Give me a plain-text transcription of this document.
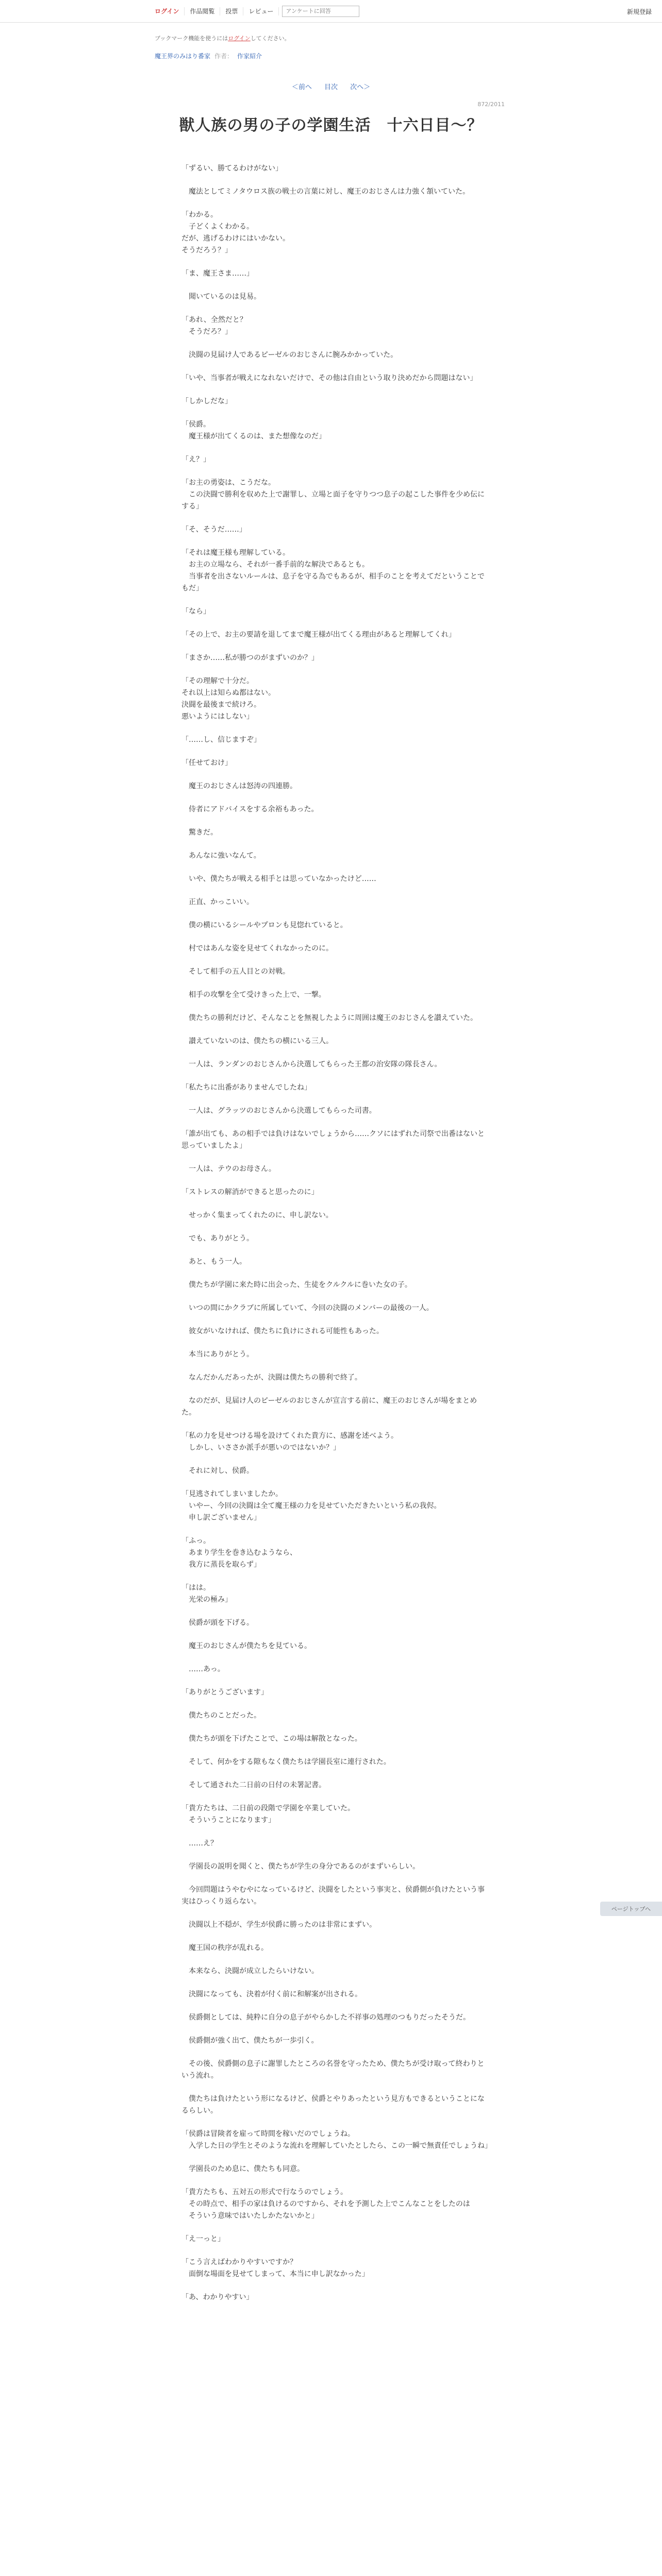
ログイン	作品閲覧	投票	レビュー
アンケートに回答	新規登録
ブックマーク機能を使うにはログインしてください。
魔王界のみはり番家 作者： 作家紹介
＜前へ 目次 次へ＞
872/2011
獣人族の男の子の学園生活　十六日目〜？

「ずるい、勝てるわけがない」

　魔法としてミノタウロス族の戦士の言葉に対し、魔王のおじさんは力強く頷いていた。

「わかる。
　子どくよくわかる。
だが、逃げるわけにはいかない。
そうだろう？」

「ま、魔王さま……」

　聞いているのは見易。

「あれ、全然だと？
　そうだろ？」

　決闘の見届け人であるピーゼルのおじさんに腕みかかっていた。

「いや、当事者が戦えになれないだけで、その他は自由という取り決めだから問題はない」

「しかしだな」

「侯爵。
　魔王様が出てくるのは、また想像なのだ」

「え？」

「お主の勇姿は、こうだな。
　この決闘で勝利を収めた上で謝罪し、立場と面子を守りつつ息子の起こした事件を少め伝にする」

「そ、そうだ……」

「それは魔王様も理解している。
　お主の立場なら、それが一番手前的な解決であるとも。
　当事者を出さないルールは、息子を守る為でもあるが、相手のことを考えてだということでもだ」

「なら」

「その上で、お主の要請を退してまで魔王様が出てくる理由があると理解してくれ」

「まさか……私が勝つのがまずいのか？」

「その理解で十分だ。
それ以上は知らぬ都はない。
決闘を最後まで続けろ。
悪いようにはしない」

「……し、信じますぞ」

「任せておけ」

　魔王のおじさんは怒涛の四連勝。

　侍者にアドバイスをする余裕もあった。

　驚きだ。

　あんなに強いなんて。

　いや、僕たちが戦える相手とは思っていなかったけど……

　正直、かっこいい。

　僕の横にいるシールやプロンも見惚れていると。

　村ではあんな姿を見せてくれなかったのに。

　そして相手の五人目との対戦。

　相手の攻撃を全て受けきった上で、一撃。

　僕たちの勝利だけど、そんなことを無視したように周囲は魔王のおじさんを讃えていた。

　讃えていないのは、僕たちの横にいる三人。

　一人は、ランダンのおじさんから決選してもらった王都の治安隊の隊長さん。

「私たちに出番がありませんでしたね」

　一人は、グラッツのおじさんから決選してもらった司書。

「誰が出ても、あの相手では負けはないでしょうから……クソにはずれた司祭で出番はないと思っていましたよ」

　一人は、テウのお母さん。

「ストレスの解消ができると思ったのに」

　せっかく集まってくれたのに、申し訳ない。

　でも、ありがとう。

　あと、もう一人。

　僕たちが学園に来た時に出会った、生徒をクルクルに巻いた女の子。

　いつの間にかクラブに所属していて、今回の決闘のメンバーの最後の一人。

　彼女がいなければ、僕たちに負けにされる可能性もあった。

　本当にありがとう。

　なんだかんだあったが、決闘は僕たちの勝利で終了。

　なのだが、見届け人のピーゼルのおじさんが宣言する前に、魔王のおじさんが場をまとめた。

「私の力を見せつける場を設けてくれた貴方に、感謝を述べよう。
　しかし、いささか派手が悪いのではないか？」

　それに対し、侯爵。

「見逃されてしまいましたか。
　いやー、今回の決闘は全て魔王様の力を見せていただきたいという私の我侭。
　申し訳ございません」

「ふっ。
　あまり学生を巻き込むようなら、
　我方に蒸長を取らず」

「はは。
　光栄の極み」

　侯爵が頭を下げる。

　魔王のおじさんが僕たちを見ている。

　……あっ。

「ありがとうございます」

　僕たちのことだった。

　僕たちが頭を下げたことで、この場は解散となった。

　そして、何かをする隙もなく僕たちは学園長室に連行された。

　そして通された二日前の日付の未署記書。

「貴方たちは、二日前の段階で学園を卒業していた。
　そういうことになります」

　……え？

　学園長の説明を聞くと、僕たちが学生の身分であるのがまずいらしい。

　今回問題はうやむやになっているけど、決闘をしたという事実と、侯爵側が負けたという事実はひっくり返らない。

　決闘以上不穏が、学生が侯爵に勝ったのは非常にまずい。

　魔王国の秩序が乱れる。

　本来なら、決闘が成立したらいけない。

　決闘になっても、決着が付く前に和解案が出される。

　侯爵側としては、純粋に自分の息子がやらかした不祥事の処理のつもりだったそうだ。

　侯爵側が強く出て、僕たちが一歩引く。

　その後、侯爵側の息子に謝罪したところの名誉を守ったため、僕たちが受け取って終わりという流れ。

　僕たちは負けたという形になるけど、侯爵とやりあったという見方もできるということになるらしい。

「侯爵は冒険者を雇って時間を稼いだのでしょうね。
　入学した日の学生とそのような流れを理解していたとしたら、この一瞬で無責任でしょうね」

　学園長のため息に、僕たちも同意。

「貴方たちも、五対五の形式で行なうのでしょう。
　その時点で、相手の家は負けるのですから、それを予測した上でこんなことをしたのは
　そういう意味ではいたしかたないかと」

「え一っと」

「こう言えばわかりやすいですか？
　面倒な場面を見せてしまって、本当に申し訳なかった」

「あ、わかりやすい」

ページトップへ
